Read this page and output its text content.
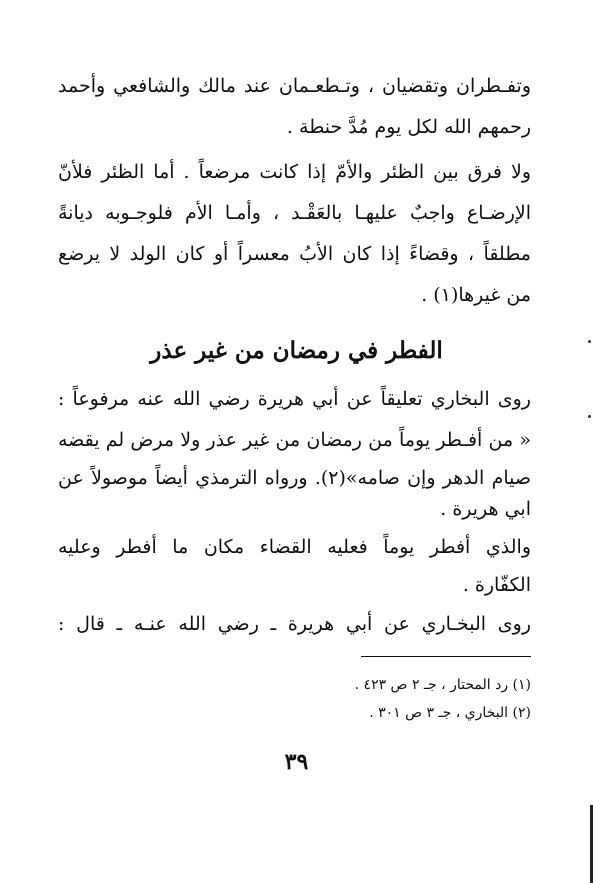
وتفـطران وتقضيان ، وتـطعـمان عند مالك والشافعي وأحمد
رحمهم الله لكل يوم مُدَّ حنطة .
ولا فرق بين الظئر والأمّ إذا كانت مرضعاً . أما الظئر فلأنّ
الإرضـاع واجبٌ عليهـا بالعَقْـد ، وأمـا الأم فلوجـوبه ديانةً
مطلقاً ، وقضاءً إذا كان الأبُ معسراً أو كان الولد لا يرضع
من غيرها(١) .
الفطر في رمضان من غير عذر
روى البخاري تعليقاً عن أبي هريرة رضي الله عنه مرفوعاً :
« من أفـطر يوماً من رمضان من غير عذر ولا مرض لم يقضه
صيام الدهر وإن صامه»(٢). ورواه الترمذي أيضاً موصولاً عن
ابي هريرة .
والذي أفطر يوماً فعليه القضاء مكان ما أفطر وعليه
الكفّارة .
روى البخـاري عن أبي هريرة ـ رضي الله عنـه ـ قال :
(١) رد المحتار ، جـ ٢ ص ٤٢٣ .
(٢) البخاري ، جـ ٣ ص ٣٠١ .
٣٩
